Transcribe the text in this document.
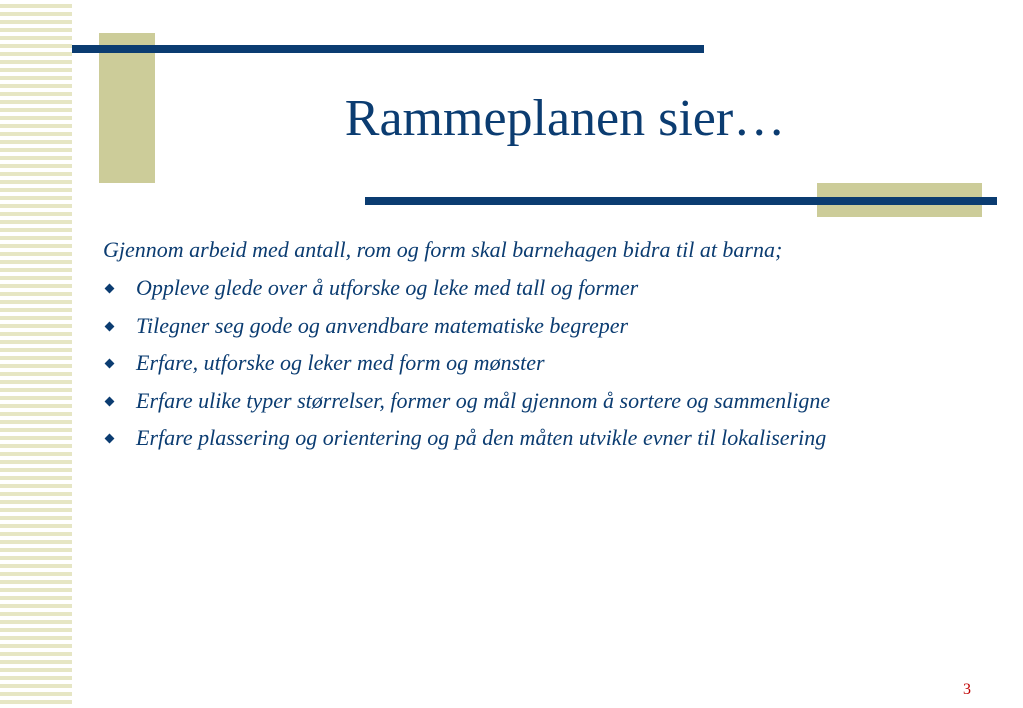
Rammeplanen sier…

Gjennom arbeid med antall, rom og form skal barnehagen bidra til at barna;

Oppleve glede over å utforske og leke med tall og former
Tilegner seg gode og anvendbare matematiske begreper
Erfare, utforske og leker med form og mønster
Erfare ulike typer størrelser, former og mål gjennom å sortere og sammenligne
Erfare plassering og orientering og på den måten utvikle evner til lokalisering
3
